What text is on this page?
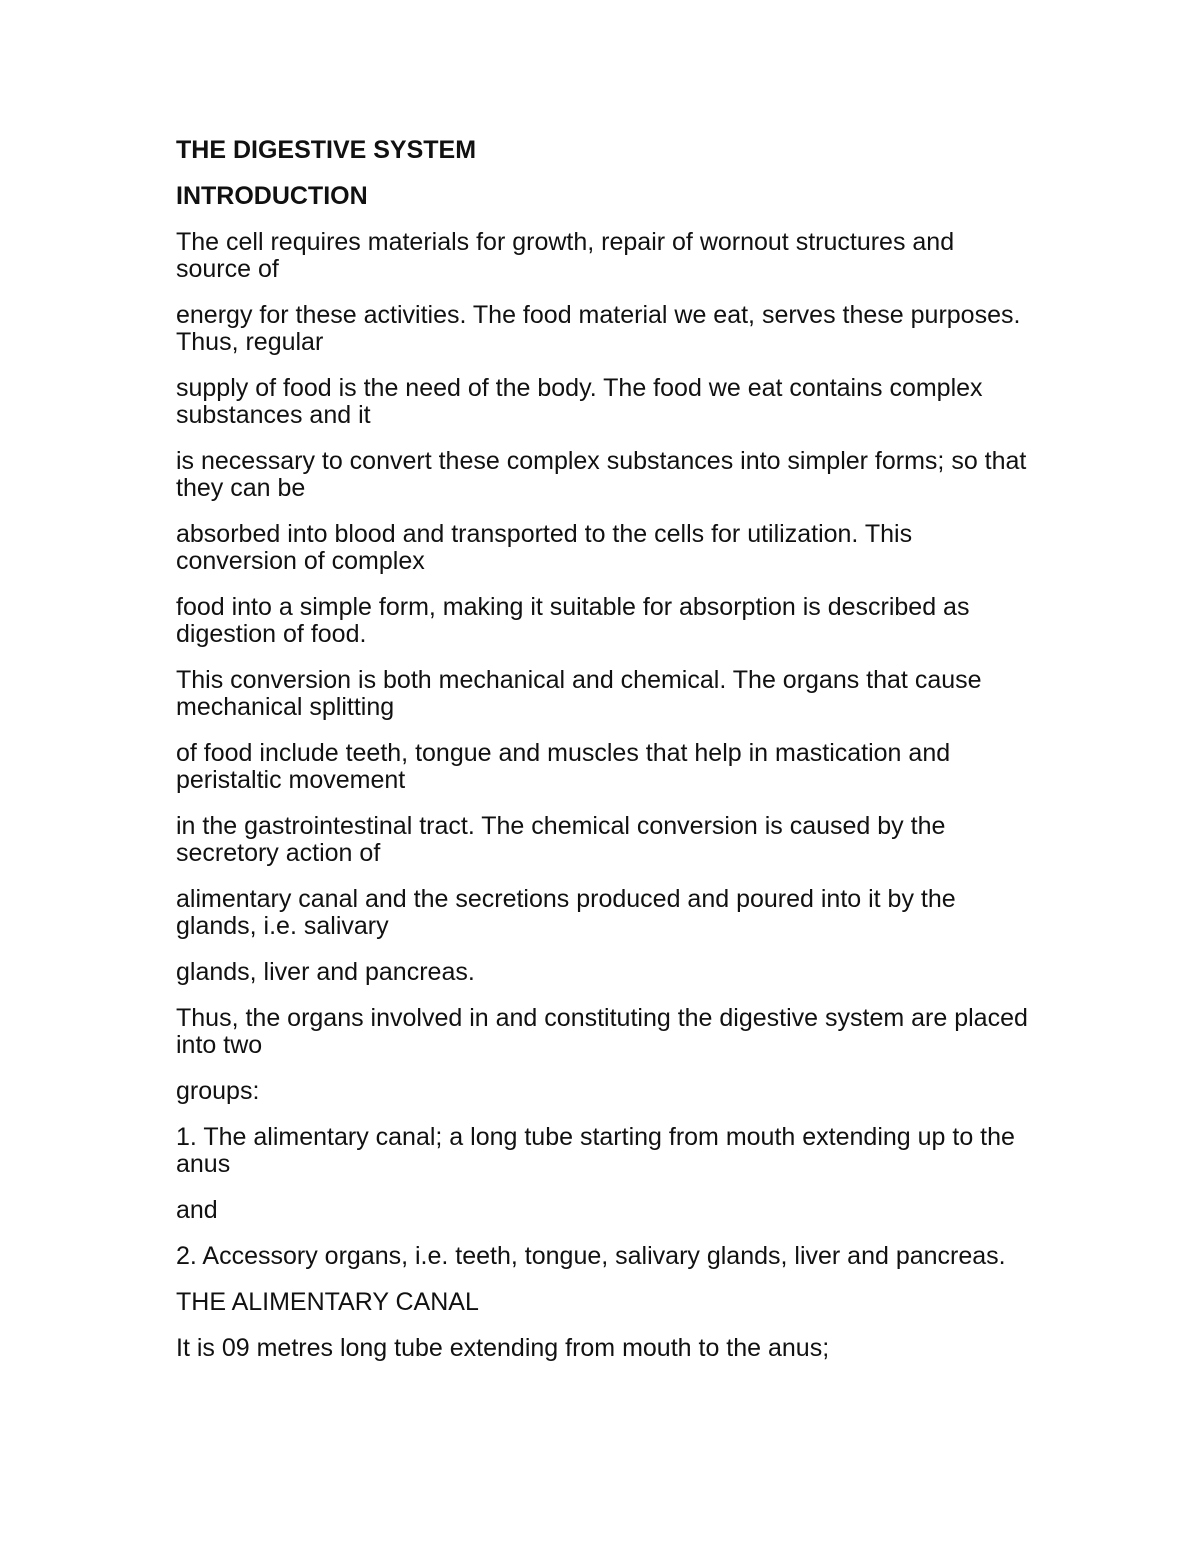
THE DIGESTIVE SYSTEM
INTRODUCTION

The cell requires materials for growth, repair of wornout structures and source of

energy for these activities. The food material we eat, serves these purposes. Thus, regular

supply of food is the need of the body. The food we eat contains complex substances and it

is necessary to convert these complex substances into simpler forms; so that they can be

absorbed into blood and transported to the cells for utilization. This conversion of complex

food into a simple form, making it suitable for absorption is described as digestion of food.

This conversion is both mechanical and chemical. The organs that cause mechanical splitting

of food include teeth, tongue and muscles that help in mastication and peristaltic movement

in the gastrointestinal tract. The chemical conversion is caused by the secretory action of

alimentary canal and the secretions produced and poured into it by the glands, i.e. salivary

glands, liver and pancreas.

Thus, the organs involved in and constituting the digestive system are placed into two

groups:

1. The alimentary canal; a long tube starting from mouth extending up to the anus

and

2. Accessory organs, i.e. teeth, tongue, salivary glands, liver and pancreas.

THE ALIMENTARY CANAL

It is 09 metres long tube extending from mouth to the anus;
